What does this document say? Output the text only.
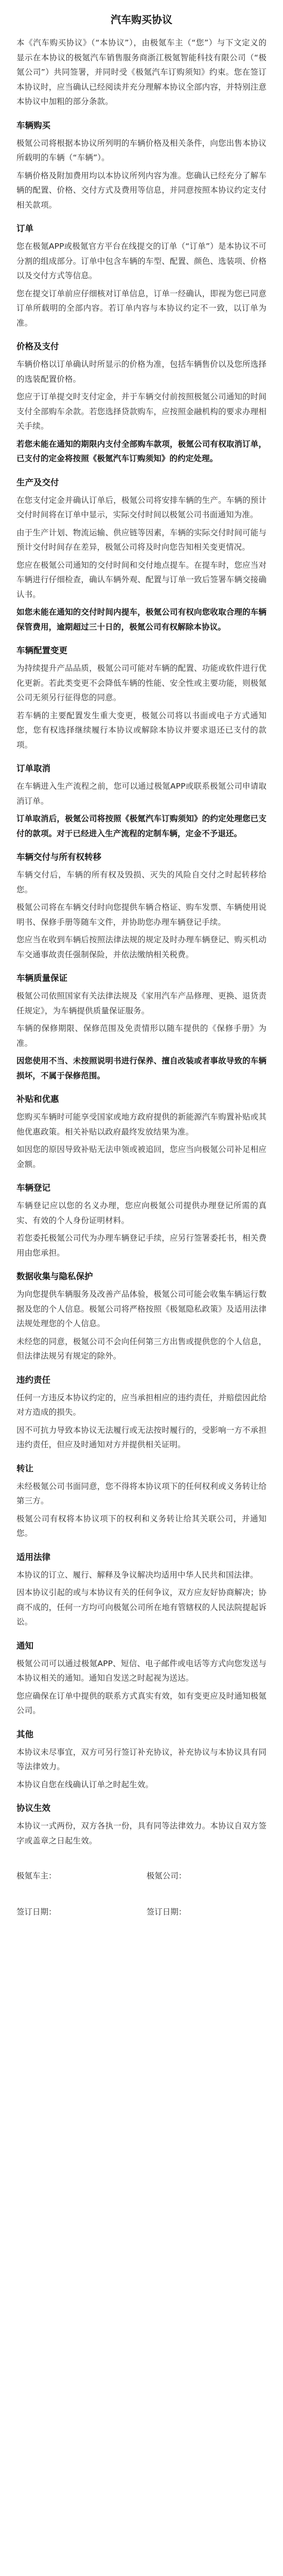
汽车购买协议

本《汽车购买协议》（“本协议”），由极氪车主（“您”）与下文定义的显示在本协议的极氪汽车销售服务商浙江极氪智能科技有限公司（“极氪公司”）共同签署，并同时受《极氪汽车订购须知》约束。您在签订本协议时，应当确认已经阅读并充分理解本协议全部内容，并特别注意本协议中加粗的部分条款。

车辆购买

极氪公司将根据本协议所列明的车辆价格及相关条件，向您出售本协议所载明的车辆（“车辆”）。

车辆价格及附加费用均以本协议所列内容为准。您确认已经充分了解车辆的配置、价格、交付方式及费用等信息，并同意按照本协议约定支付相关款项。

订单

您在极氪APP或极氪官方平台在线提交的订单（“订单”）是本协议不可分割的组成部分。订单中包含车辆的车型、配置、颜色、选装项、价格以及交付方式等信息。

您在提交订单前应仔细核对订单信息，订单一经确认，即视为您已同意订单所载明的全部内容。若订单内容与本协议约定不一致，以订单为准。

价格及支付

车辆价格以订单确认时所显示的价格为准，包括车辆售价以及您所选择的选装配置价格。

您应于订单提交时支付定金，并于车辆交付前按照极氪公司通知的时间支付全部购车余款。若您选择贷款购车，应按照金融机构的要求办理相关手续。

若您未能在通知的期限内支付全部购车款项，极氪公司有权取消订单，已支付的定金将按照《极氪汽车订购须知》的约定处理。

生产及交付

在您支付定金并确认订单后，极氪公司将安排车辆的生产。车辆的预计交付时间将在订单中显示，实际交付时间以极氪公司书面通知为准。

由于生产计划、物流运输、供应链等因素，车辆的实际交付时间可能与预计交付时间存在差异，极氪公司将及时向您告知相关变更情况。

您应在极氪公司通知的交付时间和交付地点提车。在提车时，您应当对车辆进行仔细检查，确认车辆外观、配置与订单一致后签署车辆交接确认书。

如您未能在通知的交付时间内提车，极氪公司有权向您收取合理的车辆保管费用，逾期超过三十日的，极氪公司有权解除本协议。

车辆配置变更

为持续提升产品品质，极氪公司可能对车辆的配置、功能或软件进行优化更新。若此类变更不会降低车辆的性能、安全性或主要功能，则极氪公司无须另行征得您的同意。

若车辆的主要配置发生重大变更，极氪公司将以书面或电子方式通知您，您有权选择继续履行本协议或解除本协议并要求退还已支付的款项。

订单取消

在车辆进入生产流程之前，您可以通过极氪APP或联系极氪公司申请取消订单。

订单取消后，极氪公司将按照《极氪汽车订购须知》的约定处理您已支付的款项。对于已经进入生产流程的定制车辆，定金不予退还。

车辆交付与所有权转移

车辆交付后，车辆的所有权及毁损、灭失的风险自交付之时起转移给您。

极氪公司将在车辆交付时向您提供车辆合格证、购车发票、车辆使用说明书、保修手册等随车文件，并协助您办理车辆登记手续。

您应当在收到车辆后按照法律法规的规定及时办理车辆登记、购买机动车交通事故责任强制保险，并依法缴纳相关税费。

车辆质量保证

极氪公司依照国家有关法律法规及《家用汽车产品修理、更换、退货责任规定》，为车辆提供质量保证服务。

车辆的保修期限、保修范围及免责情形以随车提供的《保修手册》为准。

因您使用不当、未按照说明书进行保养、擅自改装或者事故导致的车辆损坏，不属于保修范围。

补贴和优惠

您购买车辆时可能享受国家或地方政府提供的新能源汽车购置补贴或其他优惠政策。相关补贴以政府最终发放结果为准。

如因您的原因导致补贴无法申领或被追回，您应当向极氪公司补足相应金额。

车辆登记

车辆登记应以您的名义办理，您应向极氪公司提供办理登记所需的真实、有效的个人身份证明材料。

若您委托极氪公司代为办理车辆登记手续，应另行签署委托书，相关费用由您承担。

数据收集与隐私保护

为向您提供车辆服务及改善产品体验，极氪公司可能会收集车辆运行数据及您的个人信息。极氪公司将严格按照《极氪隐私政策》及适用法律法规处理您的个人信息。

未经您的同意，极氪公司不会向任何第三方出售或提供您的个人信息，但法律法规另有规定的除外。

违约责任

任何一方违反本协议约定的，应当承担相应的违约责任，并赔偿因此给对方造成的损失。

因不可抗力导致本协议无法履行或无法按时履行的，受影响一方不承担违约责任，但应及时通知对方并提供相关证明。

转让

未经极氪公司书面同意，您不得将本协议项下的任何权利或义务转让给第三方。

极氪公司有权将本协议项下的权利和义务转让给其关联公司，并通知您。

适用法律

本协议的订立、履行、解释及争议解决均适用中华人民共和国法律。

因本协议引起的或与本协议有关的任何争议，双方应友好协商解决；协商不成的，任何一方均可向极氪公司所在地有管辖权的人民法院提起诉讼。

通知

极氪公司可以通过极氪APP、短信、电子邮件或电话等方式向您发送与本协议相关的通知。通知自发送之时起视为送达。

您应确保在订单中提供的联系方式真实有效，如有变更应及时通知极氪公司。

其他

本协议未尽事宜，双方可另行签订补充协议，补充协议与本协议具有同等法律效力。

本协议自您在线确认订单之时起生效。

协议生效

本协议一式两份，双方各执一份，具有同等法律效力。本协议自双方签字或盖章之日起生效。

极氪车主：	极氪公司：
签订日期：	签订日期：
